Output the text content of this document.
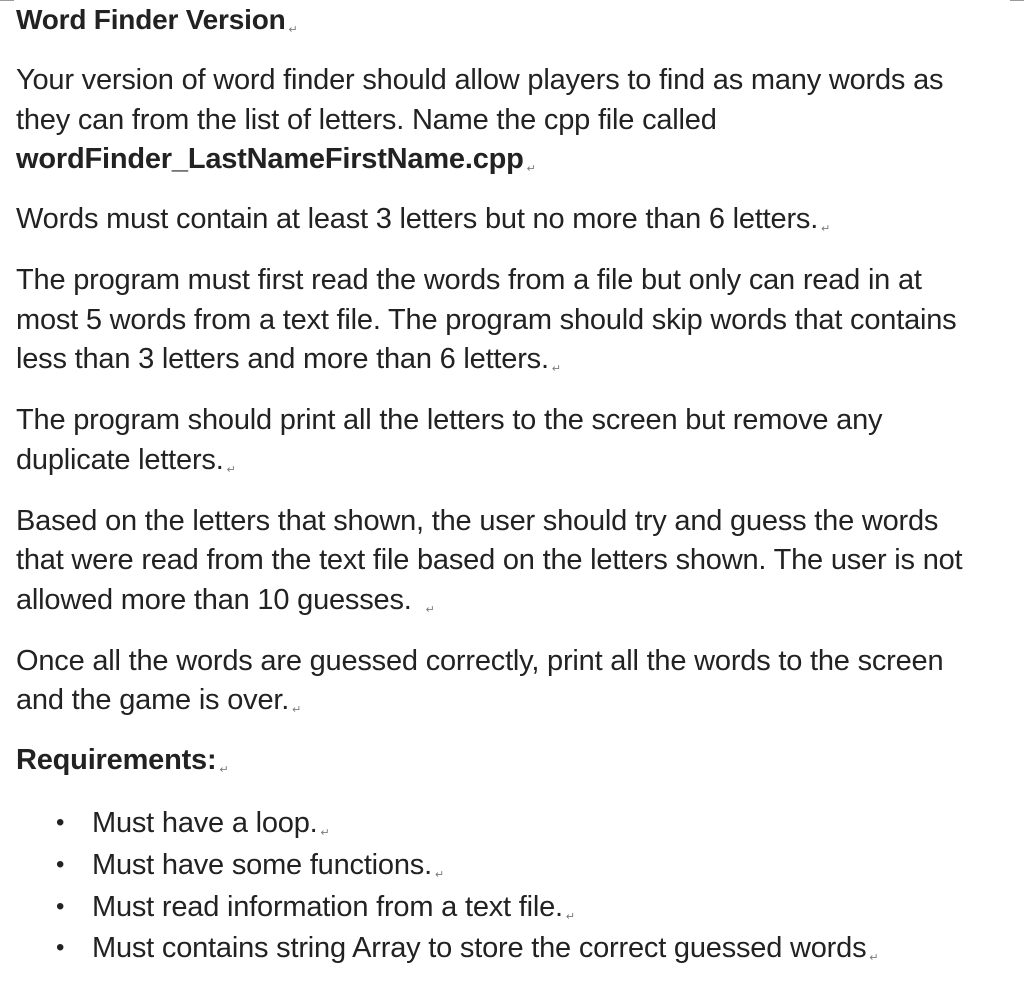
Word Finder Version↵
Your version of word finder should allow players to find as many words as
they can from the list of letters. Name the cpp file called
wordFinder_LastNameFirstName.cpp↵
Words must contain at least 3 letters but no more than 6 letters.↵
The program must first read the words from a file but only can read in at
most 5 words from a text file. The program should skip words that contains
less than 3 letters and more than 6 letters.↵
The program should print all the letters to the screen but remove any
duplicate letters.↵
Based on the letters that shown, the user should try and guess the words
that were read from the text file based on the letters shown. The user is not
allowed more than 10 guesses.↵
Once all the words are guessed correctly, print all the words to the screen
and the game is over.↵
Requirements:↵
• Must have a loop.↵
• Must have some functions.↵
• Must read information from a text file.↵
• Must contains string Array to store the correct guessed words↵
